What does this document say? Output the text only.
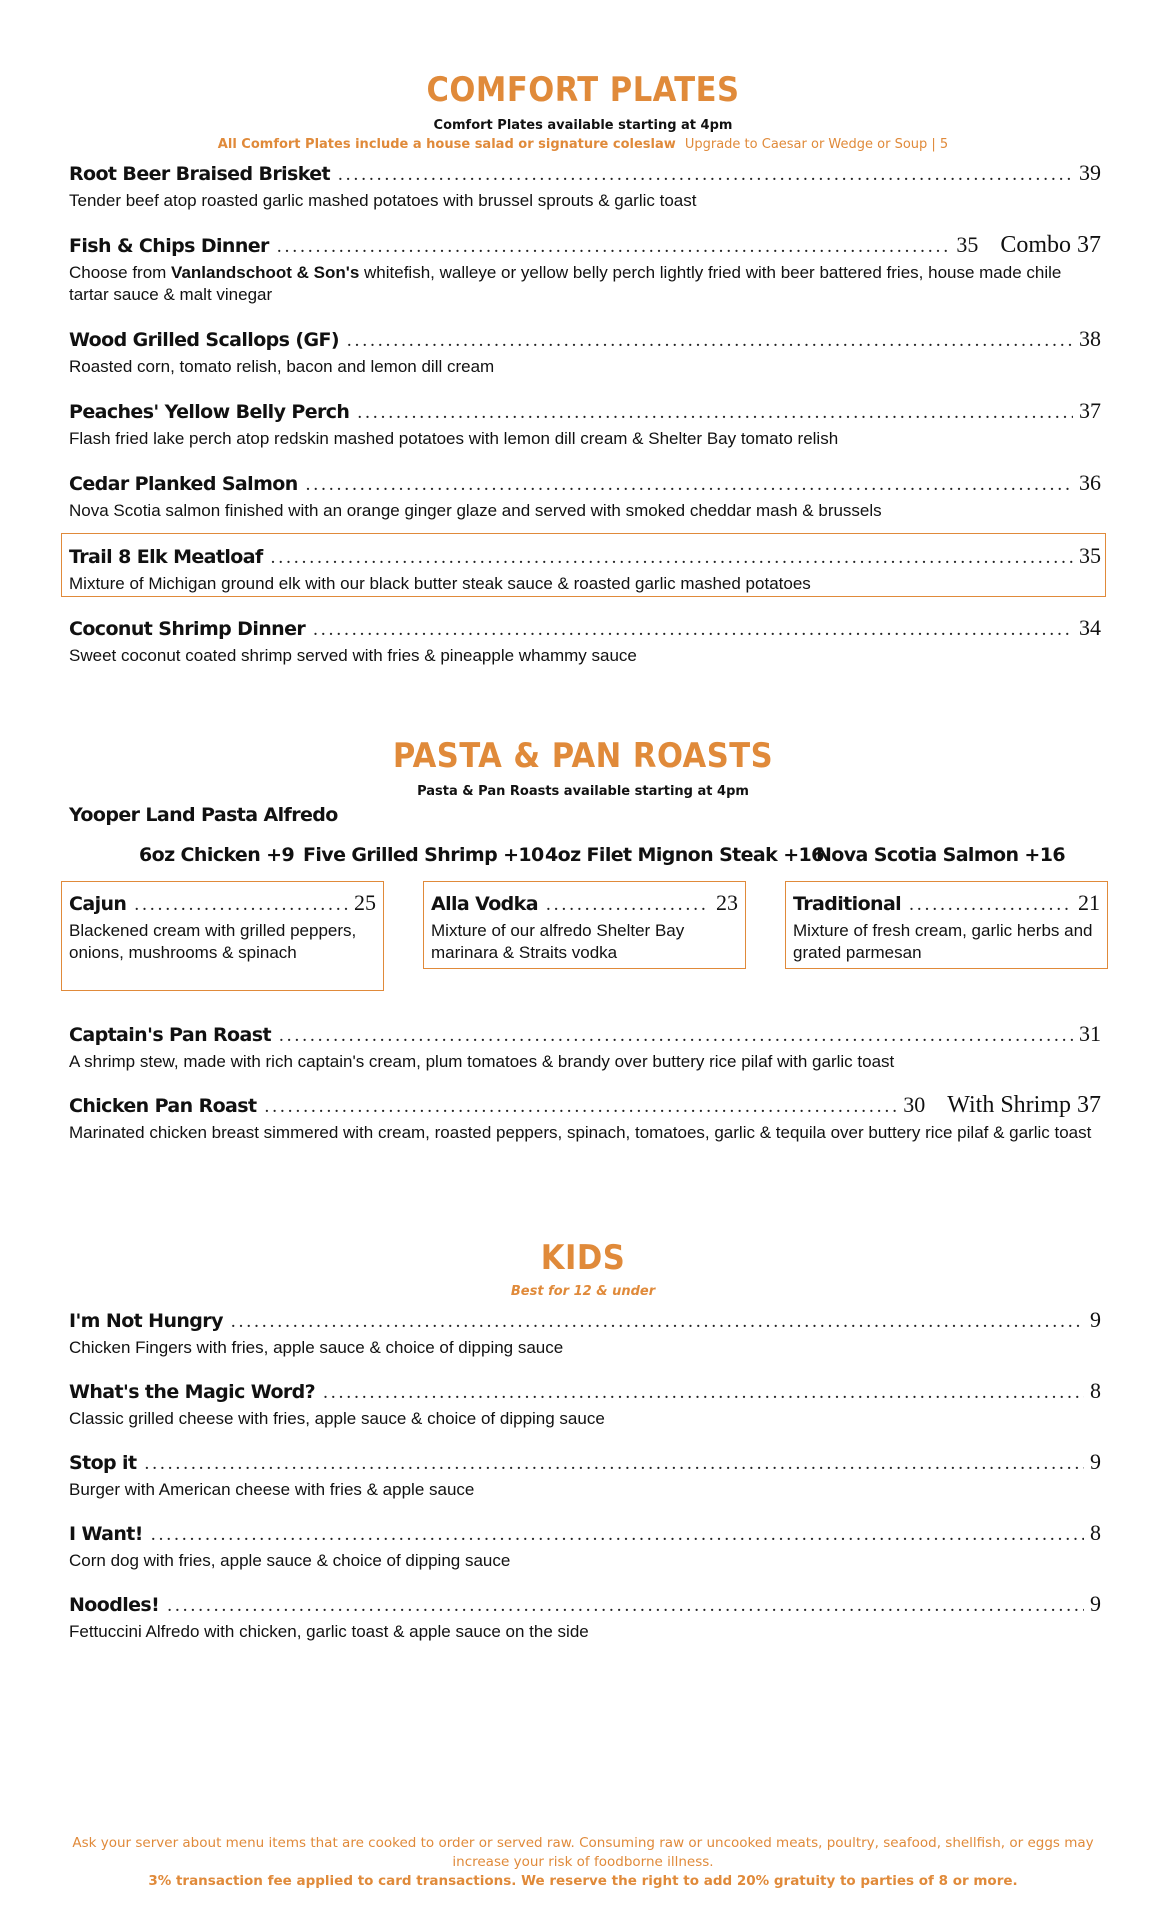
COMFORT PLATES
Comfort Plates available starting at 4pm
All Comfort Plates include a house salad or signature coleslaw Upgrade to Caesar or Wedge or Soup | 5
Root Beer Braised Brisket .....	39
Tender beef atop roasted garlic mashed potatoes with brussel sprouts & garlic toast
Fish & Chips Dinner .....	35 Combo 37
Choose from Vanlandschoot & Son's whitefish, walleye or yellow belly perch lightly fried with beer battered fries, house made chile tartar sauce & malt vinegar
Wood Grilled Scallops (GF) .....	38
Roasted corn, tomato relish, bacon and lemon dill cream
Peaches' Yellow Belly Perch .....	37
Flash fried lake perch atop redskin mashed potatoes with lemon dill cream & Shelter Bay tomato relish
Cedar Planked Salmon .....	36
Nova Scotia salmon finished with an orange ginger glaze and served with smoked cheddar mash & brussels
Trail 8 Elk Meatloaf .....	35
Mixture of Michigan ground elk with our black butter steak sauce & roasted garlic mashed potatoes
Coconut Shrimp Dinner .....	34
Sweet coconut coated shrimp served with fries & pineapple whammy sauce
PASTA & PAN ROASTS
Pasta & Pan Roasts available starting at 4pm
Yooper Land Pasta Alfredo
6oz Chicken +9 Five Grilled Shrimp +10 4oz Filet Mignon Steak +16
Nova Scotia Salmon +16
Cajun .....	25
Blackened cream with grilled peppers, onions, mushrooms & spinach
Alla Vodka .....	23
Mixture of our alfredo Shelter Bay marinara & Straits vodka
Traditional .....	21
Mixture of fresh cream, garlic herbs and grated parmesan
Captain's Pan Roast .....	31
A shrimp stew, made with rich captain's cream, plum tomatoes & brandy over buttery rice pilaf with garlic toast
Chicken Pan Roast .....	30 With Shrimp 37
Marinated chicken breast simmered with cream, roasted peppers, spinach, tomatoes, garlic & tequila over buttery rice pilaf & garlic toast
KIDS
Best for 12 & under
I'm Not Hungry .....	9
Chicken Fingers with fries, apple sauce & choice of dipping sauce
What's the Magic Word? .....	8
Classic grilled cheese with fries, apple sauce & choice of dipping sauce
Stop it .....	9
Burger with American cheese with fries & apple sauce
I Want! .....	8
Corn dog with fries, apple sauce & choice of dipping sauce
Noodles! .....	9
Fettuccini Alfredo with chicken, garlic toast & apple sauce on the side
Ask your server about menu items that are cooked to order or served raw. Consuming raw or uncooked meats, poultry, seafood, shellfish, or eggs may increase your risk of foodborne illness.
3% transaction fee applied to card transactions. We reserve the right to add 20% gratuity to parties of 8 or more.
